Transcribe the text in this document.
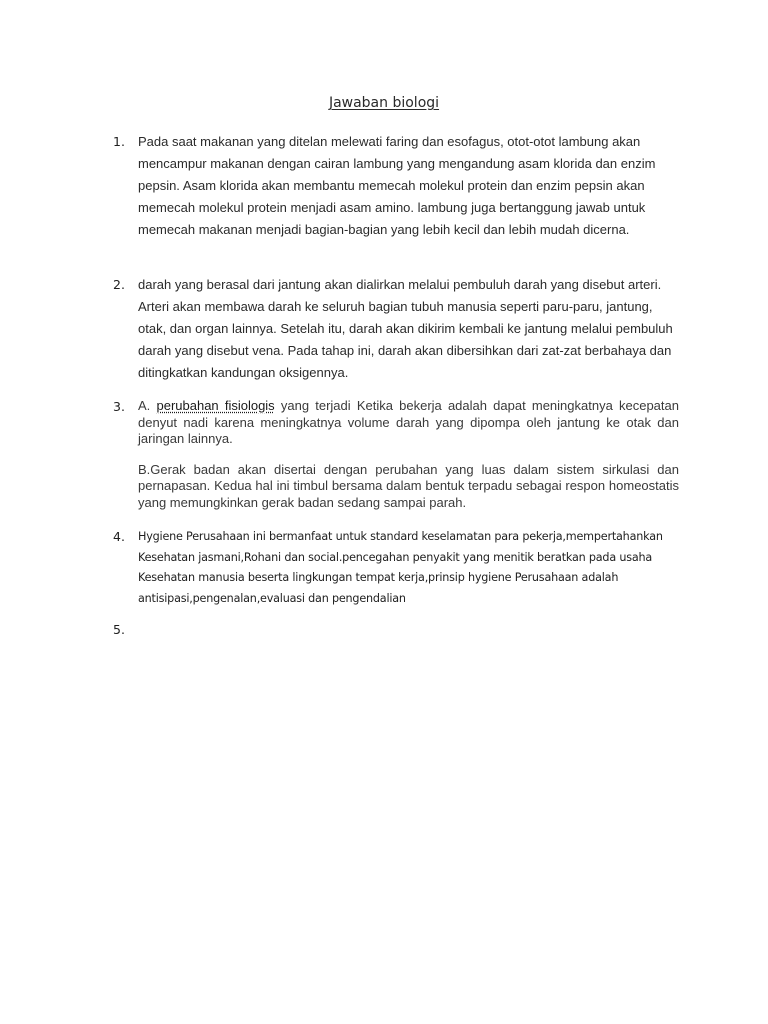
Jawaban biologi
1. Pada saat makanan yang ditelan melewati faring dan esofagus, otot-otot lambung akan mencampur makanan dengan cairan lambung yang mengandung asam klorida dan enzim pepsin. Asam klorida akan membantu memecah molekul protein dan enzim pepsin akan memecah molekul protein menjadi asam amino. lambung juga bertanggung jawab untuk memecah makanan menjadi bagian-bagian yang lebih kecil dan lebih mudah dicerna.

2. darah yang berasal dari jantung akan dialirkan melalui pembuluh darah yang disebut arteri. Arteri akan membawa darah ke seluruh bagian tubuh manusia seperti paru-paru, jantung, otak, dan organ lainnya. Setelah itu, darah akan dikirim kembali ke jantung melalui pembuluh darah yang disebut vena. Pada tahap ini, darah akan dibersihkan dari zat-zat berbahaya dan ditingkatkan kandungan oksigennya.

3. A. perubahan fisiologis yang terjadi Ketika bekerja adalah dapat meningkatnya kecepatan denyut nadi karena meningkatnya volume darah yang dipompa oleh jantung ke otak dan jaringan lainnya.

B.Gerak badan akan disertai dengan perubahan yang luas dalam sistem sirkulasi dan pernapasan. Kedua hal ini timbul bersama dalam bentuk terpadu sebagai respon homeostatis yang memungkinkan gerak badan sedang sampai parah.

4. Hygiene Perusahaan ini bermanfaat untuk standard keselamatan para pekerja,mempertahankan Kesehatan jasmani,Rohani dan social.pencegahan penyakit yang menitik beratkan pada usaha Kesehatan manusia beserta lingkungan tempat kerja,prinsip hygiene Perusahaan adalah antisipasi,pengenalan,evaluasi dan pengendalian

5.
